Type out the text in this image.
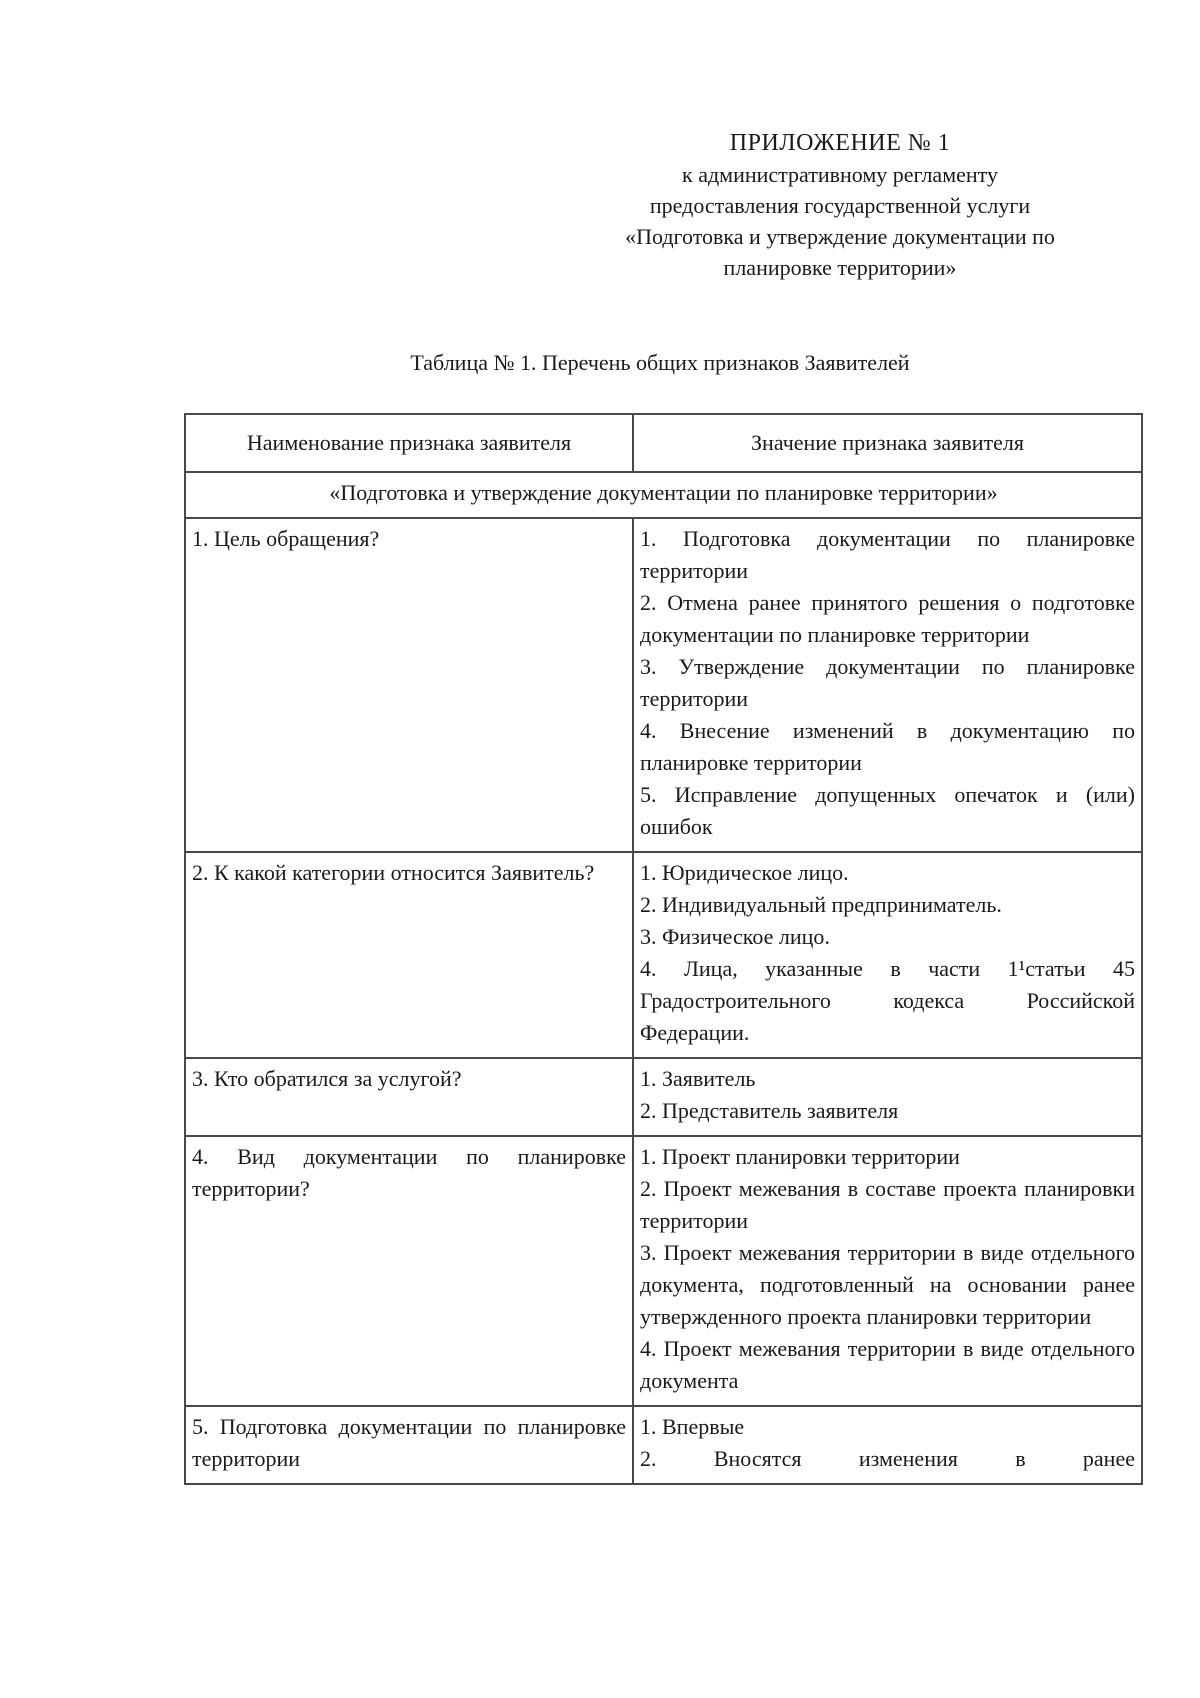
ПРИЛОЖЕНИЕ № 1
к административному регламенту
предоставления государственной услуги
«Подготовка и утверждение документации по
планировке территории»
Таблица № 1. Перечень общих признаков Заявителей
Наименование признака заявителя	Значение признака заявителя
«Подготовка и утверждение документации по планировке территории»	
1. Цель обращения?	1. Подготовка документации по планировке территории
2. Отмена ранее принятого решения о подготовке документации по планировке территории
3. Утверждение документации по планировке территории
4. Внесение изменений в документацию по планировке территории
5. Исправление допущенных опечаток и (или) ошибок

2. К какой категории относится Заявитель?	1. Юридическое лицо.
2. Индивидуальный предприниматель.
3. Физическое лицо.
4. Лица, указанные в части 1¹статьи 45 Градостроительного кодекса Российской Федерации.

3. Кто обратился за услугой?	1. Заявитель
2. Представитель заявителя

4. Вид документации по планировке территории?	1. Проект планировки территории
2. Проект межевания в составе проекта планировки территории
3. Проект межевания территории в виде отдельного документа, подготовленный на основании ранее утвержденного проекта планировки территории
4. Проект межевания территории в виде отдельного документа

5. Подготовка документации по планировке территории	1. Впервые
2. Вносятся изменения в ранее
